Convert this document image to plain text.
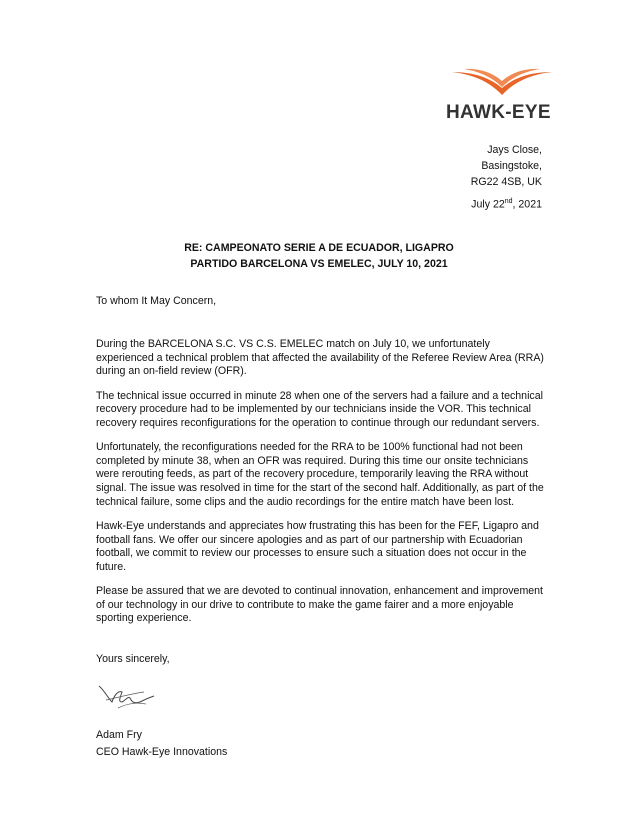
HAWK-EYE
Jays Close,
Basingstoke,
RG22 4SB, UK
July 22nd, 2021
RE: CAMPEONATO SERIE A DE ECUADOR, LIGAPRO
PARTIDO BARCELONA VS EMELEC, JULY 10, 2021
To whom It May Concern,

During the BARCELONA S.C. VS C.S. EMELEC match on July 10, we unfortunately experienced a technical problem that affected the availability of the Referee Review Area (RRA) during an on-field review (OFR).

The technical issue occurred in minute 28 when one of the servers had a failure and a technical recovery procedure had to be implemented by our technicians inside the VOR. This technical recovery requires reconfigurations for the operation to continue through our redundant servers.

Unfortunately, the reconfigurations needed for the RRA to be 100% functional had not been completed by minute 38, when an OFR was required. During this time our onsite technicians were rerouting feeds, as part of the recovery procedure, temporarily leaving the RRA without signal. The issue was resolved in time for the start of the second half. Additionally, as part of the technical failure, some clips and the audio recordings for the entire match have been lost.

Hawk-Eye understands and appreciates how frustrating this has been for the FEF, Ligapro and football fans. We offer our sincere apologies and as part of our partnership with Ecuadorian football, we commit to review our processes to ensure such a situation does not occur in the future.

Please be assured that we are devoted to continual innovation, enhancement and improvement of our technology in our drive to contribute to make the game fairer and a more enjoyable sporting experience.

Yours sincerely,
Adam Fry
CEO Hawk-Eye Innovations
